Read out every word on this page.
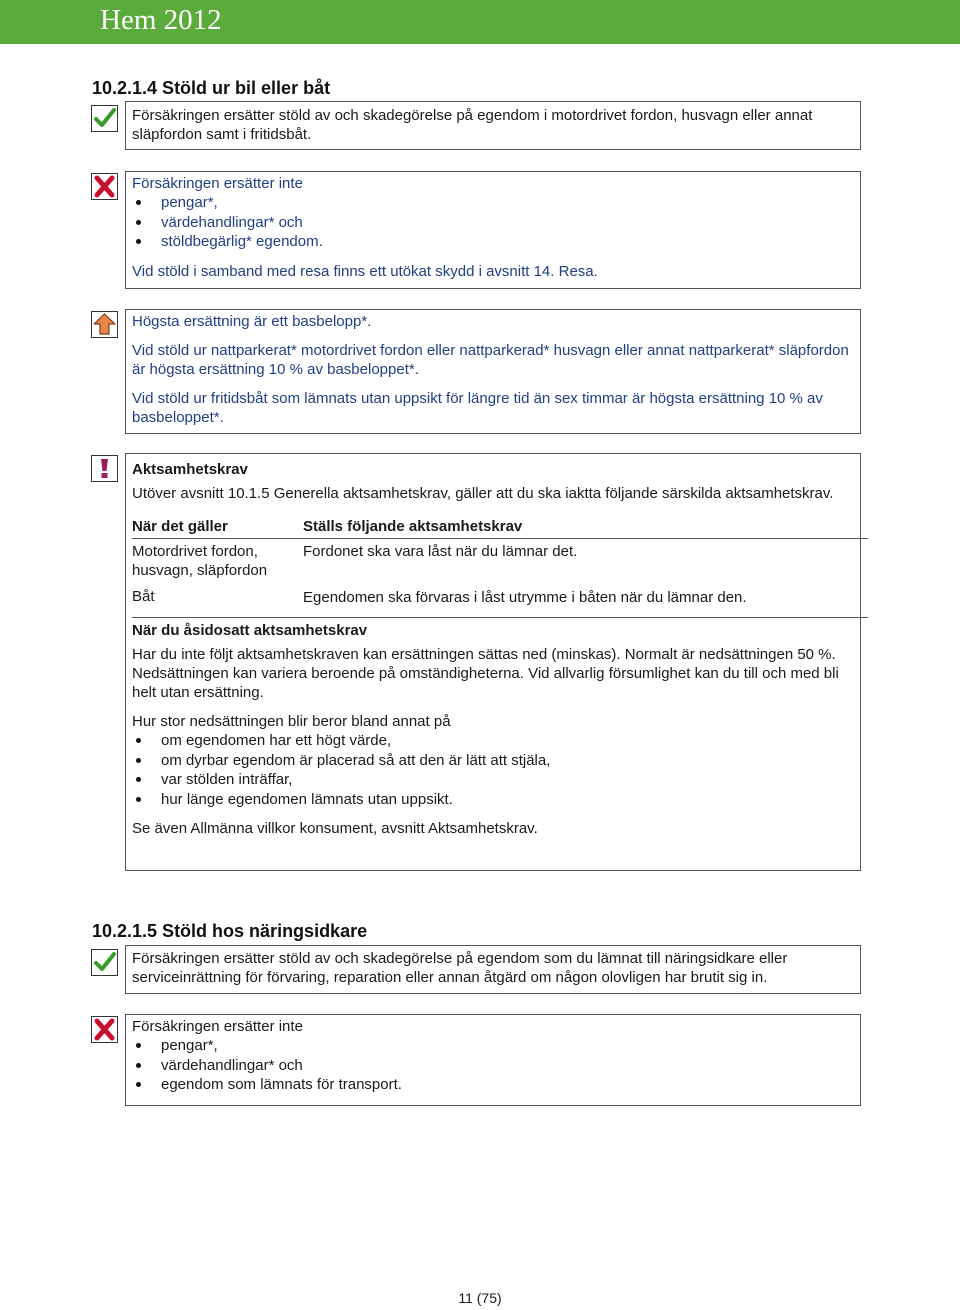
Hem 2012
10.2.1.4 Stöld ur bil eller båt

Försäkringen ersätter stöld av och skadegörelse på egendom i motordrivet fordon, husvagn eller annat släpfordon samt i fritidsbåt.

Försäkringen ersätter inte

pengar*,
värdehandlingar* och
stöldbegärlig* egendom.

Vid stöld i samband med resa finns ett utökat skydd i avsnitt 14. Resa.

Högsta ersättning är ett basbelopp*.

Vid stöld ur nattparkerat* motordrivet fordon eller nattparkerad* husvagn eller annat nattparkerat* släpfordon är högsta ersättning 10 % av basbeloppet*.

Vid stöld ur fritidsbåt som lämnats utan uppsikt för längre tid än sex timmar är högsta ersättning 10 % av basbeloppet*.

Aktsamhetskrav

Utöver avsnitt 10.1.5 Generella aktsamhetskrav, gäller att du ska iaktta följande särskilda aktsamhetskrav.

När det gäller	Ställs följande aktsamhetskrav
Motordrivet fordon, husvagn, släpfordon
Fordonet ska vara låst när du lämnar det.
Båt	Egendomen ska förvaras i låst utrymme i båten när du lämnar den.

När du åsidosatt aktsamhetskrav

Har du inte följt aktsamhetskraven kan ersättningen sättas ned (minskas). Normalt är nedsättningen 50 %. Nedsättningen kan variera beroende på omständigheterna. Vid allvarlig försumlighet kan du till och med bli helt utan ersättning.

Hur stor nedsättningen blir beror bland annat på

om egendomen har ett högt värde,
om dyrbar egendom är placerad så att den är lätt att stjäla,
var stölden inträffar,
hur länge egendomen lämnats utan uppsikt.

Se även Allmänna villkor konsument, avsnitt Aktsamhetskrav.

10.2.1.5 Stöld hos näringsidkare

Försäkringen ersätter stöld av och skadegörelse på egendom som du lämnat till näringsidkare eller serviceinrättning för förvaring, reparation eller annan åtgärd om någon olovligen har brutit sig in.

Försäkringen ersätter inte

pengar*,
värdehandlingar* och
egendom som lämnats för transport.
11 (75)
